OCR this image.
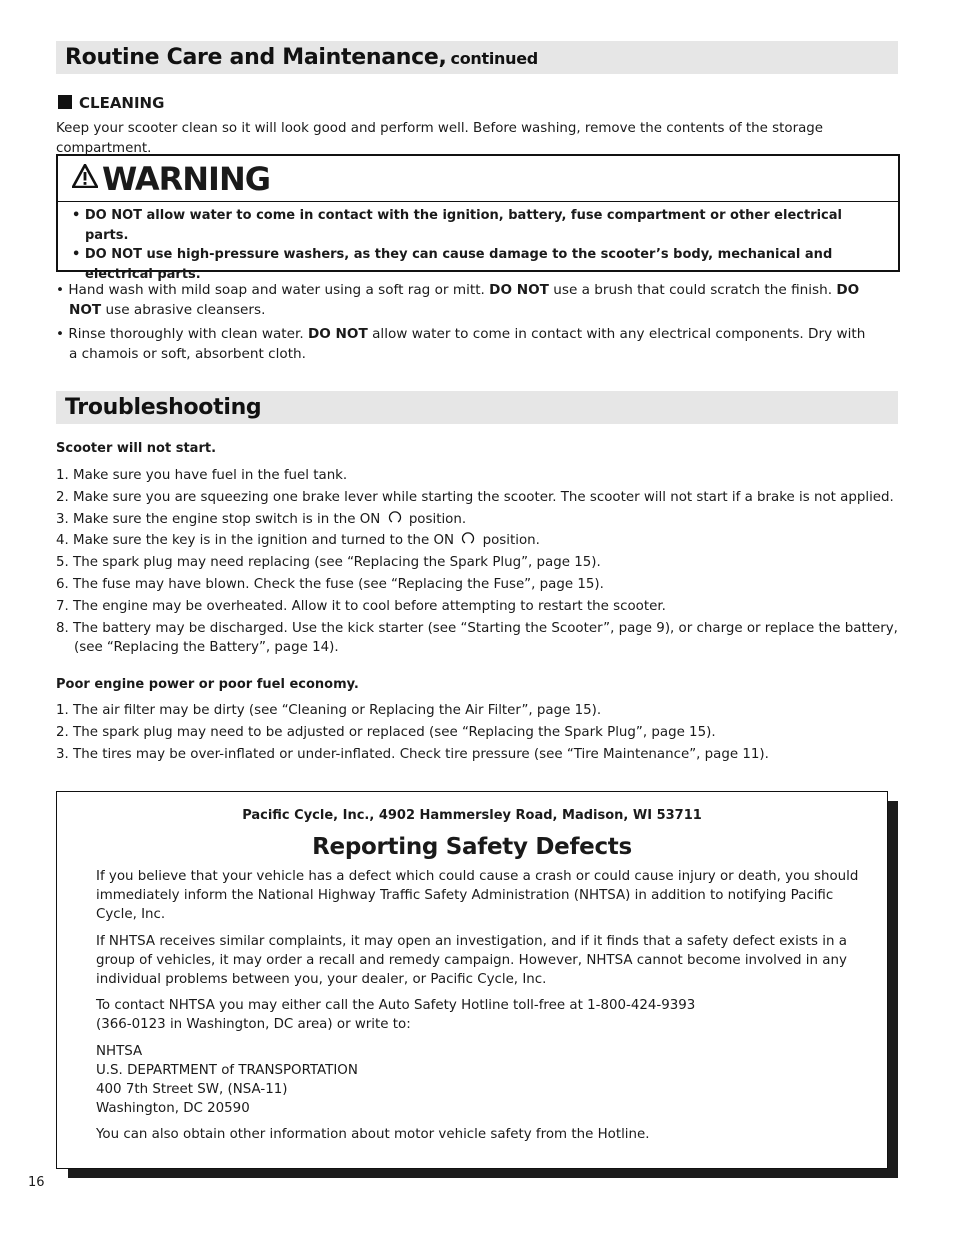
Routine Care and Maintenance, continued
CLEANING
Keep your scooter clean so it will look good and perform well. Before washing, remove the contents of the storage compartment.
WARNING
• DO NOT allow water to come in contact with the ignition, battery, fuse compartment or other electrical parts.
• DO NOT use high-pressure washers, as they can cause damage to the scooter’s body, mechanical and electrical parts.
• Hand wash with mild soap and water using a soft rag or mitt. DO NOT use a brush that could scratch the finish. DO NOT use abrasive cleansers.
• Rinse thoroughly with clean water. DO NOT allow water to come in contact with any electrical components. Dry with a chamois or soft, absorbent cloth.
Troubleshooting
Scooter will not start.
1. Make sure you have fuel in the fuel tank.
2. Make sure you are squeezing one brake lever while starting the scooter. The scooter will not start if a brake is not applied.
3. Make sure the engine stop switch is in the ON position.
4. Make sure the key is in the ignition and turned to the ON position.
5. The spark plug may need replacing (see “Replacing the Spark Plug”, page 15).
6. The fuse may have blown. Check the fuse (see “Replacing the Fuse”, page 15).
7. The engine may be overheated. Allow it to cool before attempting to restart the scooter.
8. The battery may be discharged. Use the kick starter (see “Starting the Scooter”, page 9), or charge or replace the battery, (see “Replacing the Battery”, page 14).
Poor engine power or poor fuel economy.
1. The air filter may be dirty (see “Cleaning or Replacing the Air Filter”, page 15).
2. The spark plug may need to be adjusted or replaced (see “Replacing the Spark Plug”, page 15).
3. The tires may be over-inflated or under-inflated. Check tire pressure (see “Tire Maintenance”, page 11).
Pacific Cycle, Inc., 4902 Hammersley Road, Madison, WI 53711
Reporting Safety Defects
If you believe that your vehicle has a defect which could cause a crash or could cause injury or death, you should immediately inform the National Highway Traffic Safety Administration (NHTSA) in addition to notifying Pacific Cycle, Inc.
If NHTSA receives similar complaints, it may open an investigation, and if it finds that a safety defect exists in a group of vehicles, it may order a recall and remedy campaign. However, NHTSA cannot become involved in any individual problems between you, your dealer, or Pacific Cycle, Inc.
To contact NHTSA you may either call the Auto Safety Hotline toll-free at 1-800-424-9393
(366-0123 in Washington, DC area) or write to:
NHTSA
U.S. DEPARTMENT of TRANSPORTATION
400 7th Street SW, (NSA-11)
Washington, DC 20590
You can also obtain other information about motor vehicle safety from the Hotline.
16
